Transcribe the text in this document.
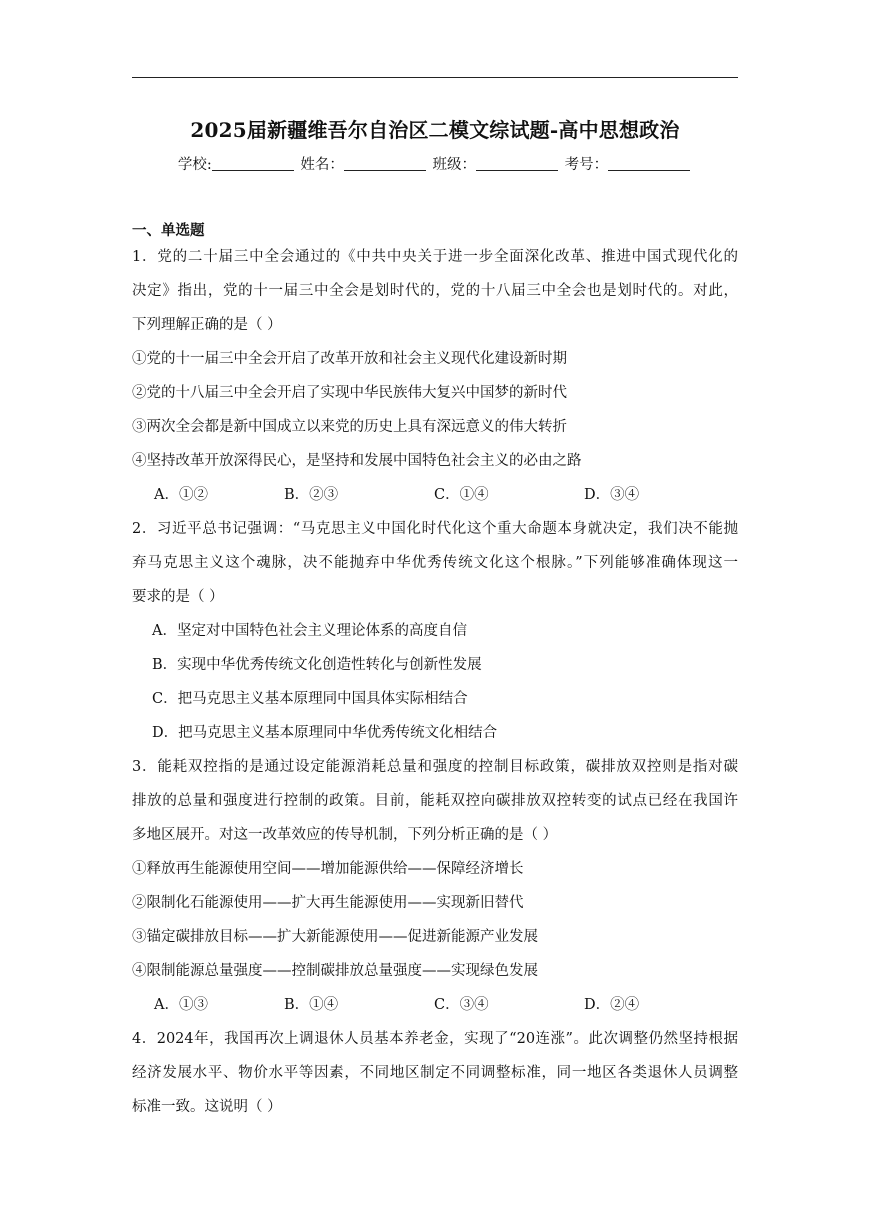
2025届新疆维吾尔自治区二模文综试题-高中思想政治
学校:	姓名：	班级：	考号：
一、单选题
1．党的二十届三中全会通过的《中共中央关于进一步全面深化改革、推进中国式现代化的
决定》指出，党的十一届三中全会是划时代的，党的十八届三中全会也是划时代的。对此，
下列理解正确的是（ ）
①党的十一届三中全会开启了改革开放和社会主义现代化建设新时期
②党的十八届三中全会开启了实现中华民族伟大复兴中国梦的新时代
③两次全会都是新中国成立以来党的历史上具有深远意义的伟大转折
④坚持改革开放深得民心，是坚持和发展中国特色社会主义的必由之路
A．①②	B．②③	C．①④	D．③④
2．习近平总书记强调：“马克思主义中国化时代化这个重大命题本身就决定，我们决不能抛
弃马克思主义这个魂脉，决不能抛弃中华优秀传统文化这个根脉。”下列能够准确体现这一
要求的是（ ）
A．坚定对中国特色社会主义理论体系的高度自信
B．实现中华优秀传统文化创造性转化与创新性发展
C．把马克思主义基本原理同中国具体实际相结合
D．把马克思主义基本原理同中华优秀传统文化相结合
3．能耗双控指的是通过设定能源消耗总量和强度的控制目标政策，碳排放双控则是指对碳
排放的总量和强度进行控制的政策。目前，能耗双控向碳排放双控转变的试点已经在我国许
多地区展开。对这一改革效应的传导机制，下列分析正确的是（ ）
①释放再生能源使用空间——增加能源供给——保障经济增长
②限制化石能源使用——扩大再生能源使用——实现新旧替代
③锚定碳排放目标——扩大新能源使用——促进新能源产业发展
④限制能源总量强度——控制碳排放总量强度——实现绿色发展
A．①③	B．①④	C．③④	D．②④
4．2024年，我国再次上调退休人员基本养老金，实现了“20连涨”。此次调整仍然坚持根据
经济发展水平、物价水平等因素，不同地区制定不同调整标准，同一地区各类退休人员调整
标准一致。这说明（ ）
